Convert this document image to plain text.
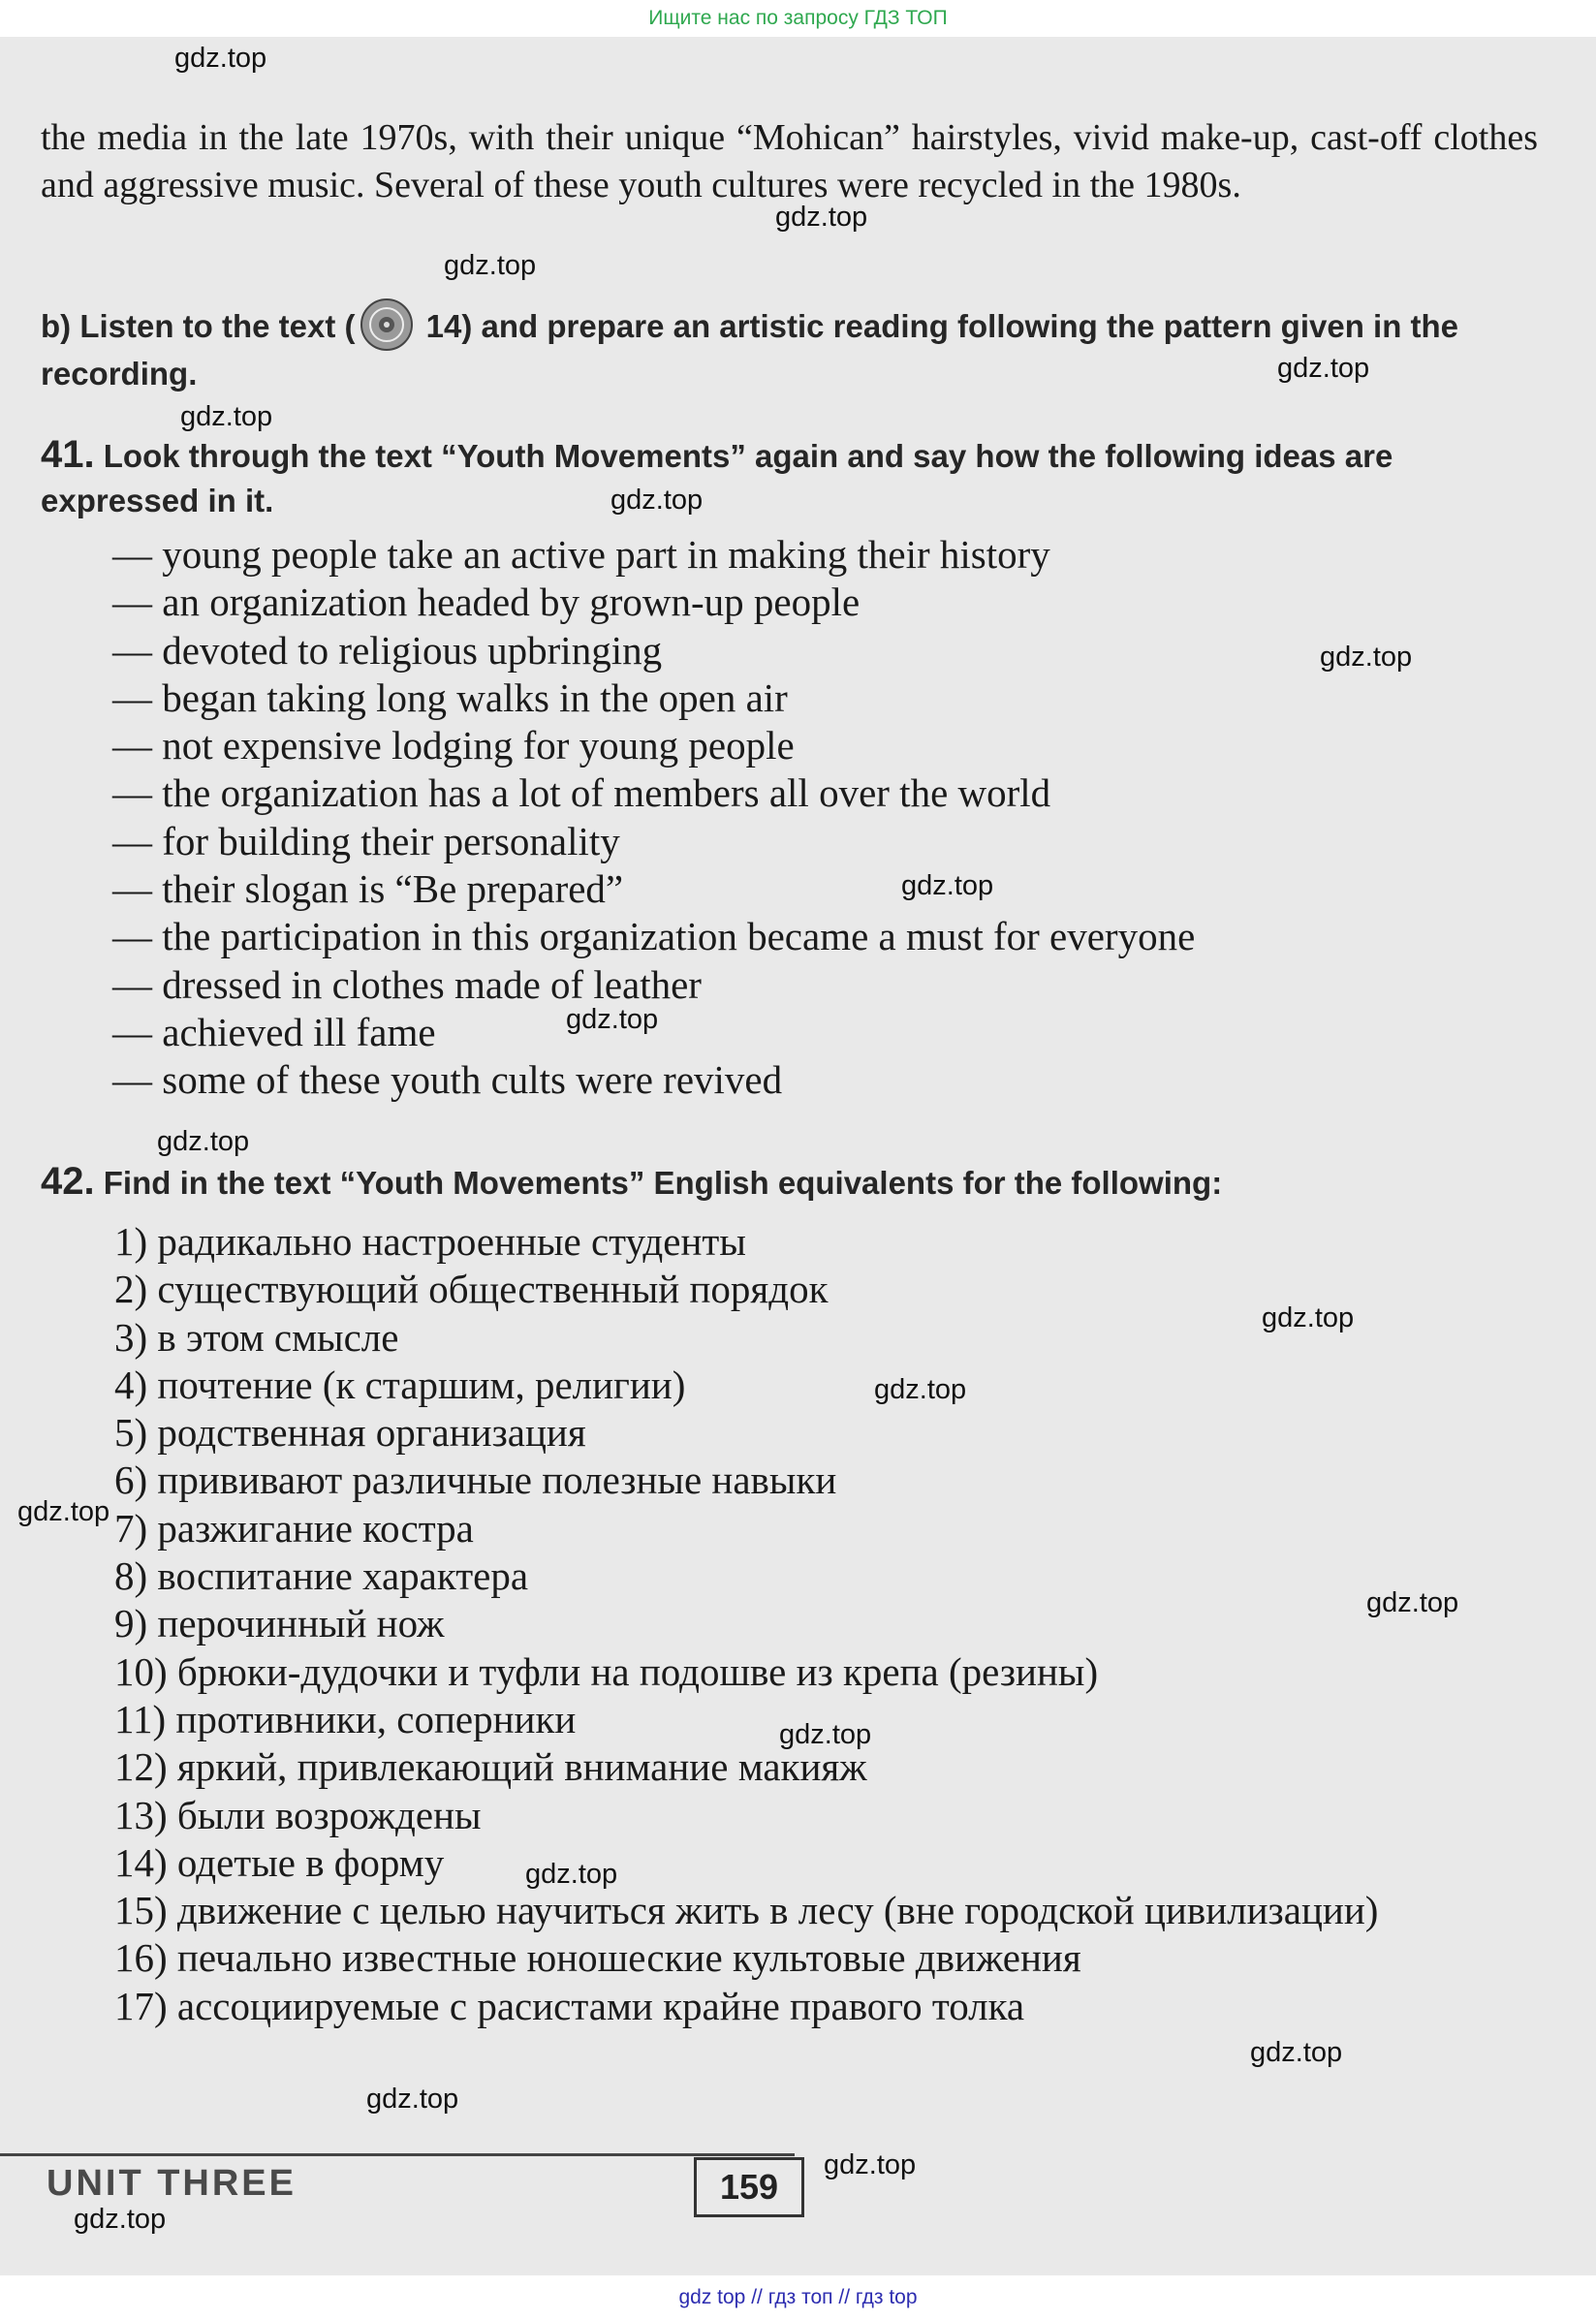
Ищите нас по запросу ГДЗ ТОП
the media in the late 1970s, with their unique “Mohican” hairstyles, vivid make-up, cast-off clothes and aggressive music. Several of these youth cultures were recycled in the 1980s.
b) Listen to the text ( 14) and prepare an artistic reading following the pattern given in the recording.
41. Look through the text “Youth Movements” again and say how the following ideas are expressed in it.
— young people take an active part in making their history
— an organization headed by grown-up people
— devoted to religious upbringing
— began taking long walks in the open air
— not expensive lodging for young people
— the organization has a lot of members all over the world
— for building their personality
— their slogan is “Be prepared”
— the participation in this organization became a must for everyone
— dressed in clothes made of leather
— achieved ill fame
— some of these youth cults were revived
42. Find in the text “Youth Movements” English equivalents for the following:
1) радикально настроенные студенты
2) существующий общественный порядок
3) в этом смысле
4) почтение (к старшим, религии)
5) родственная организация
6) прививают различные полезные навыки
7) разжигание костра
8) воспитание характера
9) перочинный нож
10) брюки-дудочки и туфли на подошве из крепа (резины)
11) противники, соперники
12) яркий, привлекающий внимание макияж
13) были возрождены
14) одетые в форму
15) движение с целью научиться жить в лесу (вне городской цивилизации)
16) печально известные юношеские культовые движения
17) ассоциируемые с расистами крайне правого толка
UNIT THREE	159
gdz.top
gdz.top
gdz.top
gdz.top
gdz.top
gdz.top
gdz.top
gdz.top
gdz.top
gdz.top
gdz.top
gdz.top
gdz.top
gdz.top
gdz.top
gdz.top
gdz.top
gdz.top
gdz.top
gdz.top
gdz top // гдз топ // гдз top
